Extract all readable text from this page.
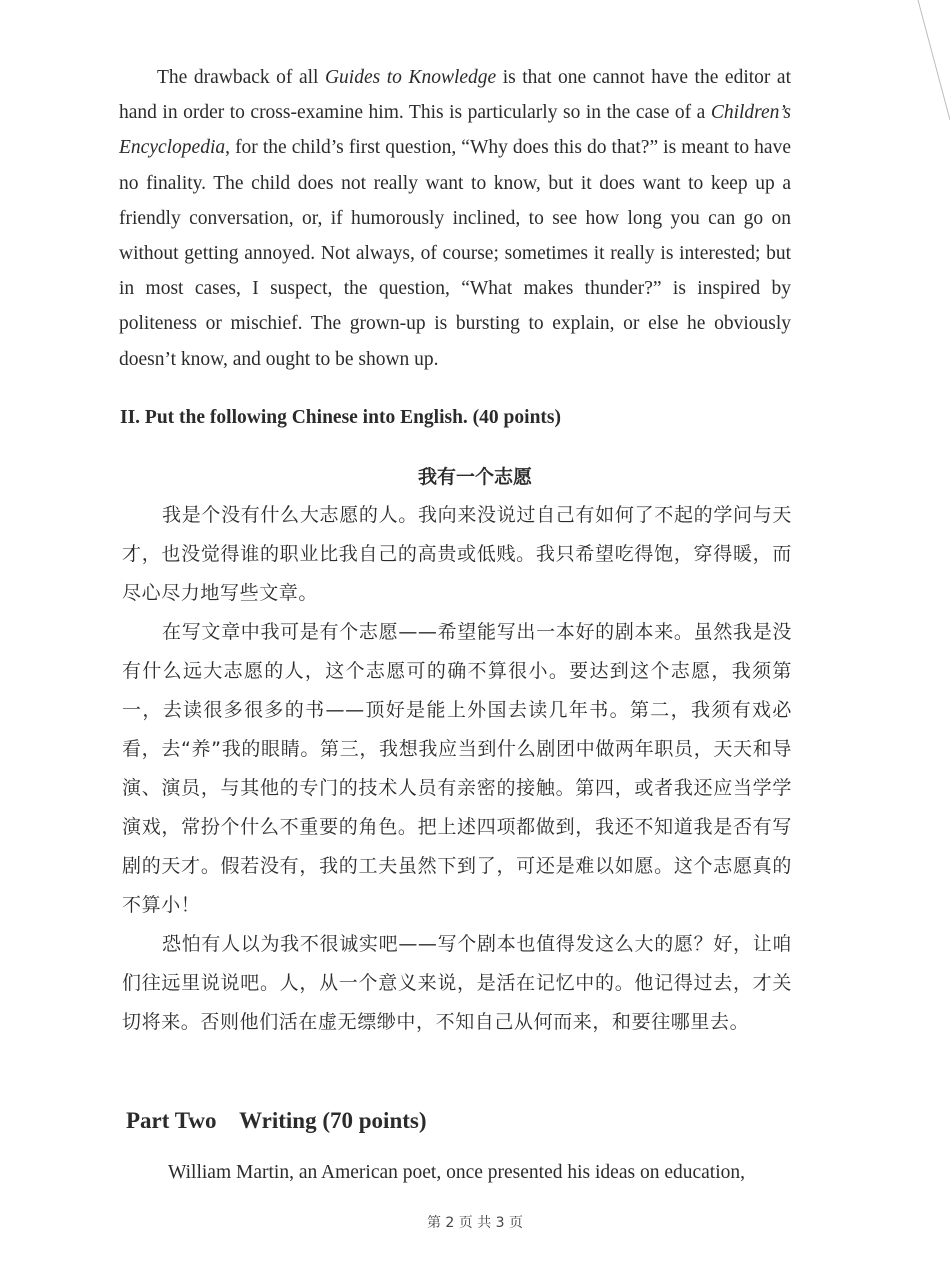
The drawback of all Guides to Knowledge is that one cannot have the editor at hand in order to cross-examine him. This is particularly so in the case of a Children’s Encyclopedia, for the child’s first question, “Why does this do that?” is meant to have no finality. The child does not really want to know, but it does want to keep up a friendly conversation, or, if humorously inclined, to see how long you can go on without getting annoyed. Not always, of course; sometimes it really is interested; but in most cases, I suspect, the question, “What makes thunder?” is inspired by politeness or mischief. The grown-up is bursting to explain, or else he obviously doesn’t know, and ought to be shown up.

II. Put the following Chinese into English. (40 points)
我有一个志愿

我是个没有什么大志愿的人。我向来没说过自己有如何了不起的学问与天才，也没觉得谁的职业比我自己的高贵或低贱。我只希望吃得饱，穿得暖，而尽心尽力地写些文章。

在写文章中我可是有个志愿——希望能写出一本好的剧本来。虽然我是没有什么远大志愿的人，这个志愿可的确不算很小。要达到这个志愿，我须第一，去读很多很多的书——顶好是能上外国去读几年书。第二，我须有戏必看，去“养”我的眼睛。第三，我想我应当到什么剧团中做两年职员，天天和导演、演员，与其他的专门的技术人员有亲密的接触。第四，或者我还应当学学演戏，常扮个什么不重要的角色。把上述四项都做到，我还不知道我是否有写剧的天才。假若没有，我的工夫虽然下到了，可还是难以如愿。这个志愿真的不算小！

恐怕有人以为我不很诚实吧——写个剧本也值得发这么大的愿？好，让咱们往远里说说吧。人，从一个意义来说，是活在记忆中的。他记得过去，才关切将来。否则他们活在虚无缥缈中，不知自己从何而来，和要往哪里去。

Part Two    Writing (70 points)

William Martin, an American poet, once presented his ideas on education,

第 2 页 共 3 页
